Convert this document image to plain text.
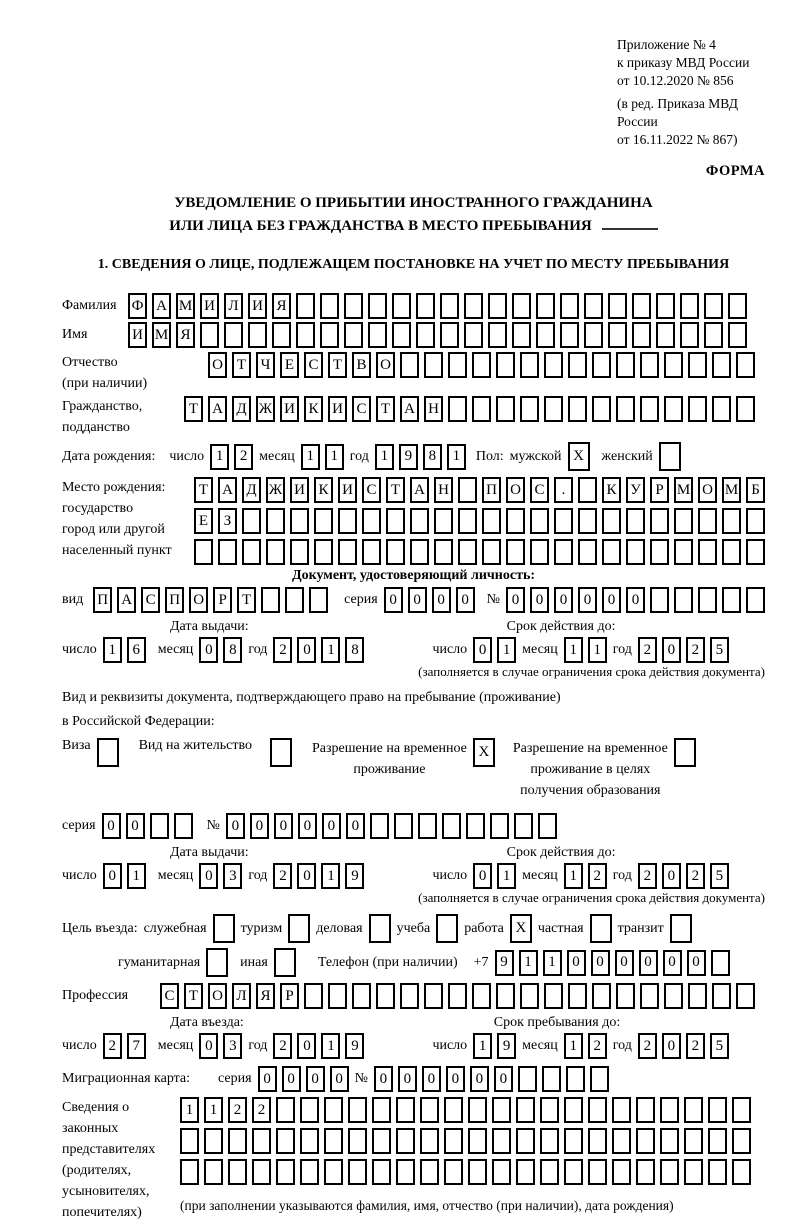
Приложение № 4
к приказу МВД России
от 10.12.2020 № 856
(в ред. Приказа МВД России
от 16.11.2022 № 867)
ФОРМА
УВЕДОМЛЕНИЕ О ПРИБЫТИИ ИНОСТРАННОГО ГРАЖДАНИНА
ИЛИ ЛИЦА БЕЗ ГРАЖДАНСТВА В МЕСТО ПРЕБЫВАНИЯ
1. СВЕДЕНИЯ О ЛИЦЕ, ПОДЛЕЖАЩЕМ ПОСТАНОВКЕ НА УЧЕТ ПО МЕСТУ ПРЕБЫВАНИЯ
Фамилия	Ф А М И Л И Я
Имя	И М Я
Отчество
(при наличии)
О Т Ч Е С Т В О
Гражданство,
подданство
Т А Д Ж И К И С Т А Н
Дата рождения: число 1	2 месяц 1	1 год 1	9	8	1	Пол: мужской X	женский
Место рождения:
государство
город или другой
населенный пункт
Т А Д Ж И К И С Т А Н П О С	.	К У Р М О М Б
Е	З
Документ, удостоверяющий личность:
вид П А С П О Р	Т	серия 0	0	0	0	№ 0	0	0	0	0	0
Дата выдачи:	Срок действия до:
число 1	6	месяц 0	8 год 2	0	1	8	число 0	1 месяц 1	1 год 2	0	2	5
(заполняется в случае ограничения срока действия документа)
Вид и реквизиты документа, подтверждающего право на пребывание (проживание)
в Российской Федерации:
Виза	Вид на жительство	Разрешение на временное
проживание
X	Разрешение на временное
проживание в целях
получения образования
серия 0	0	№ 0	0	0	0	0	0
Дата выдачи:	Срок действия до:
число 0	1	месяц 0	3 год 2	0	1	9	число 0	1 месяц 1	2 год 2	0	2	5
(заполняется в случае ограничения срока действия документа)
Цель въезда: служебная туризм деловая учеба работа X частная транзит
гуманитарная	иная	Телефон (при наличии) +7 9	1	1	0	0	0	0	0	0
Профессия	С Т О Л Я Р
Дата въезда:	Срок пребывания до:
число 2	7	месяц 0	3 год 2	0	1	9	число 1	9 месяц 1	2 год 2	0	2	5
Миграционная карта: серия 0	0	0	0 № 0	0	0	0	0	0
Сведения о
законных
представителях
(родителях,
усыновителях,
попечителях)
1	1	2	2
(при заполнении указываются фамилия, имя, отчество (при наличии), дата рождения)
